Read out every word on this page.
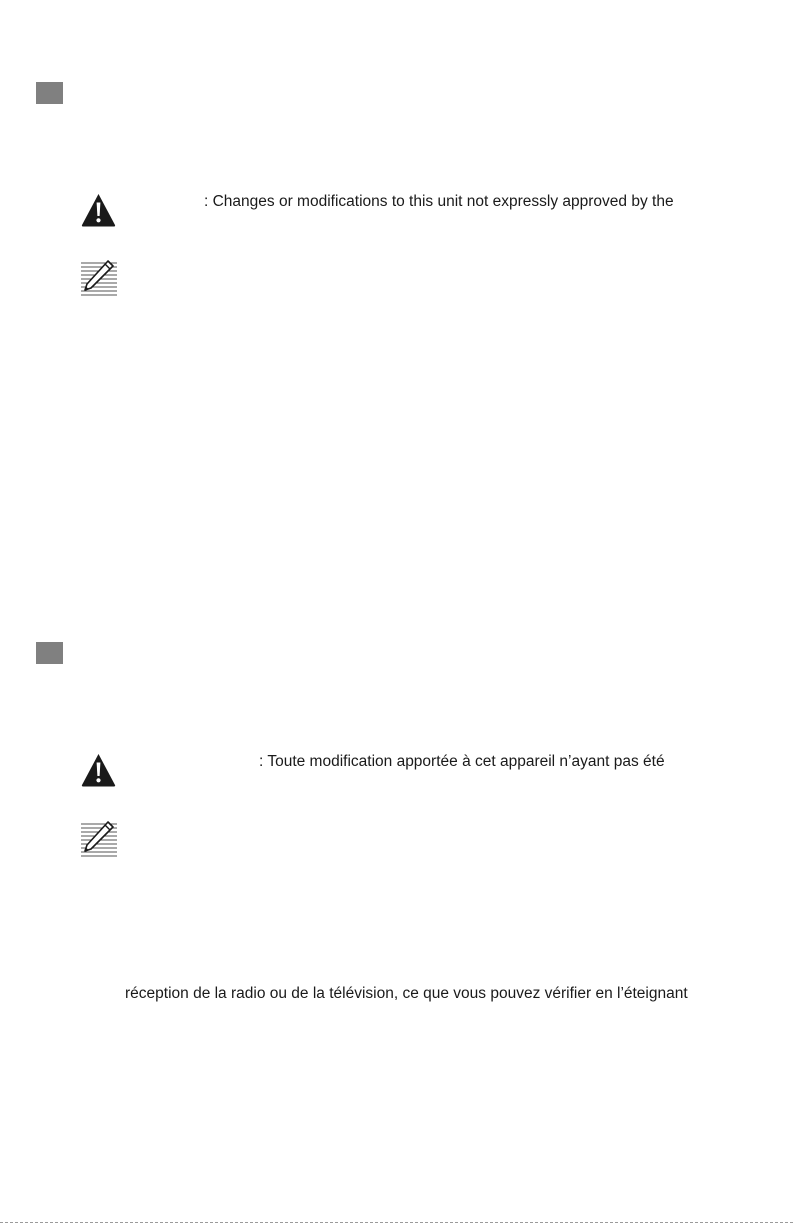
: Changes or modifications to this unit not expressly approved by the
: Toute modification apportée à cet appareil n’ayant pas été
réception de la radio ou de la télévision, ce que vous pouvez vérifier en l’éteignant
